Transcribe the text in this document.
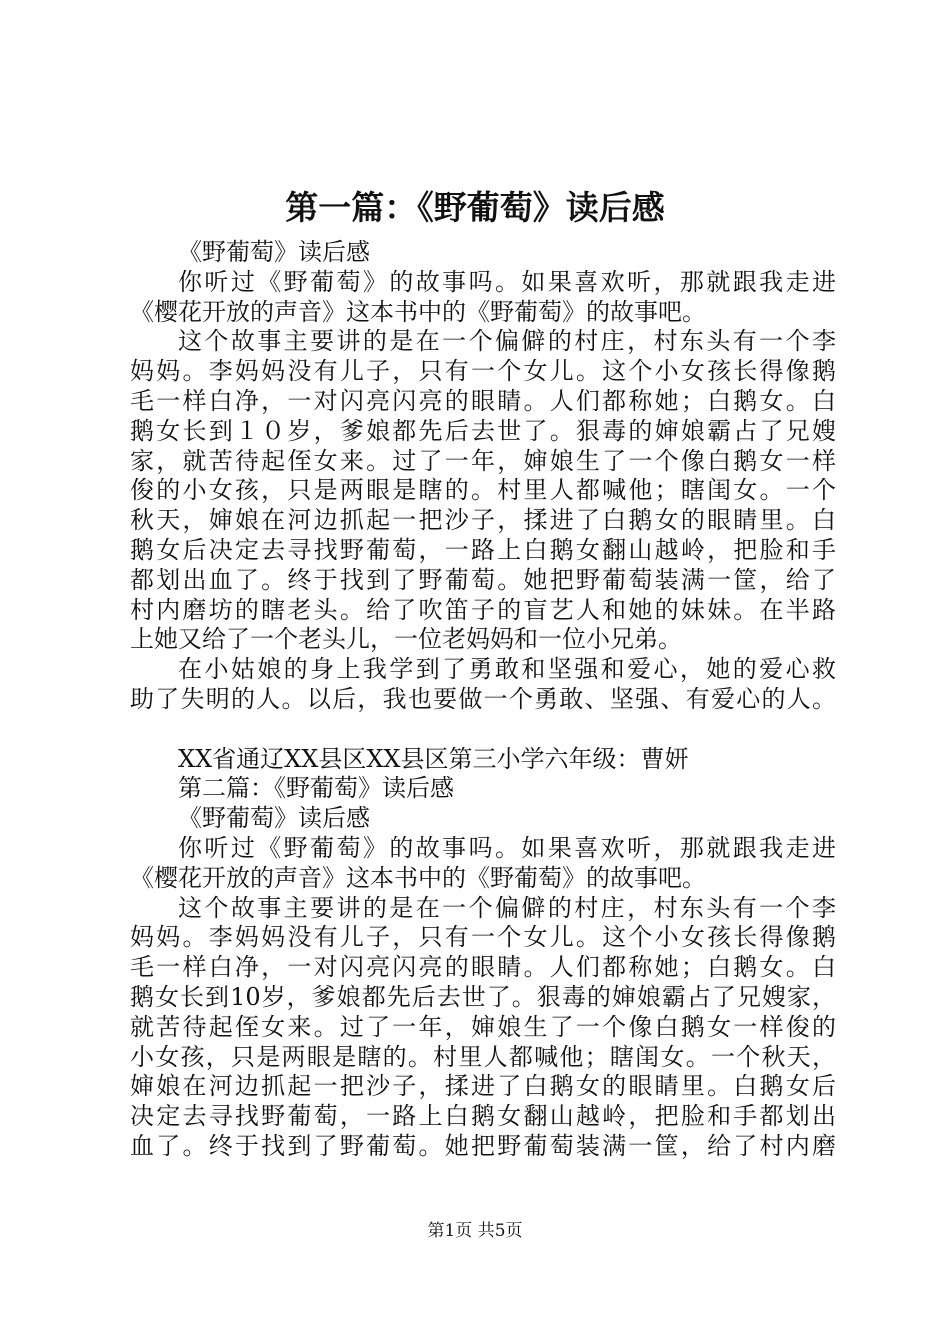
第一篇：《野葡萄》读后感
《野葡萄》读后感
你听过《野葡萄》的故事吗。如果喜欢听，那就跟我走进
《樱花开放的声音》这本书中的《野葡萄》的故事吧。
这个故事主要讲的是在一个偏僻的村庄，村东头有一个李
妈妈。李妈妈没有儿子，只有一个女儿。这个小女孩长得像鹅
毛一样白净，一对闪亮闪亮的眼睛。人们都称她；白鹅女。白
鹅女长到１０岁，爹娘都先后去世了。狠毒的婶娘霸占了兄嫂
家，就苦待起侄女来。过了一年，婶娘生了一个像白鹅女一样
俊的小女孩，只是两眼是瞎的。村里人都喊他；瞎闺女。一个
秋天，婶娘在河边抓起一把沙子，揉进了白鹅女的眼睛里。白
鹅女后决定去寻找野葡萄，一路上白鹅女翻山越岭，把脸和手
都划出血了。终于找到了野葡萄。她把野葡萄装满一筐，给了
村内磨坊的瞎老头。给了吹笛子的盲艺人和她的妹妹。在半路
上她又给了一个老头儿，一位老妈妈和一位小兄弟。
在小姑娘的身上我学到了勇敢和坚强和爱心，她的爱心救
助了失明的人。以后，我也要做一个勇敢、坚强、有爱心的人。
XX省通辽XX县区XX县区第三小学六年级：曹妍
第二篇：《野葡萄》读后感
《野葡萄》读后感
你听过《野葡萄》的故事吗。如果喜欢听，那就跟我走进
《樱花开放的声音》这本书中的《野葡萄》的故事吧。
这个故事主要讲的是在一个偏僻的村庄，村东头有一个李
妈妈。李妈妈没有儿子，只有一个女儿。这个小女孩长得像鹅
毛一样白净，一对闪亮闪亮的眼睛。人们都称她；白鹅女。白
鹅女长到10岁，爹娘都先后去世了。狠毒的婶娘霸占了兄嫂家，
就苦待起侄女来。过了一年，婶娘生了一个像白鹅女一样俊的
小女孩，只是两眼是瞎的。村里人都喊他；瞎闺女。一个秋天，
婶娘在河边抓起一把沙子，揉进了白鹅女的眼睛里。白鹅女后
决定去寻找野葡萄，一路上白鹅女翻山越岭，把脸和手都划出
血了。终于找到了野葡萄。她把野葡萄装满一筐，给了村内磨
第1页 共5页
